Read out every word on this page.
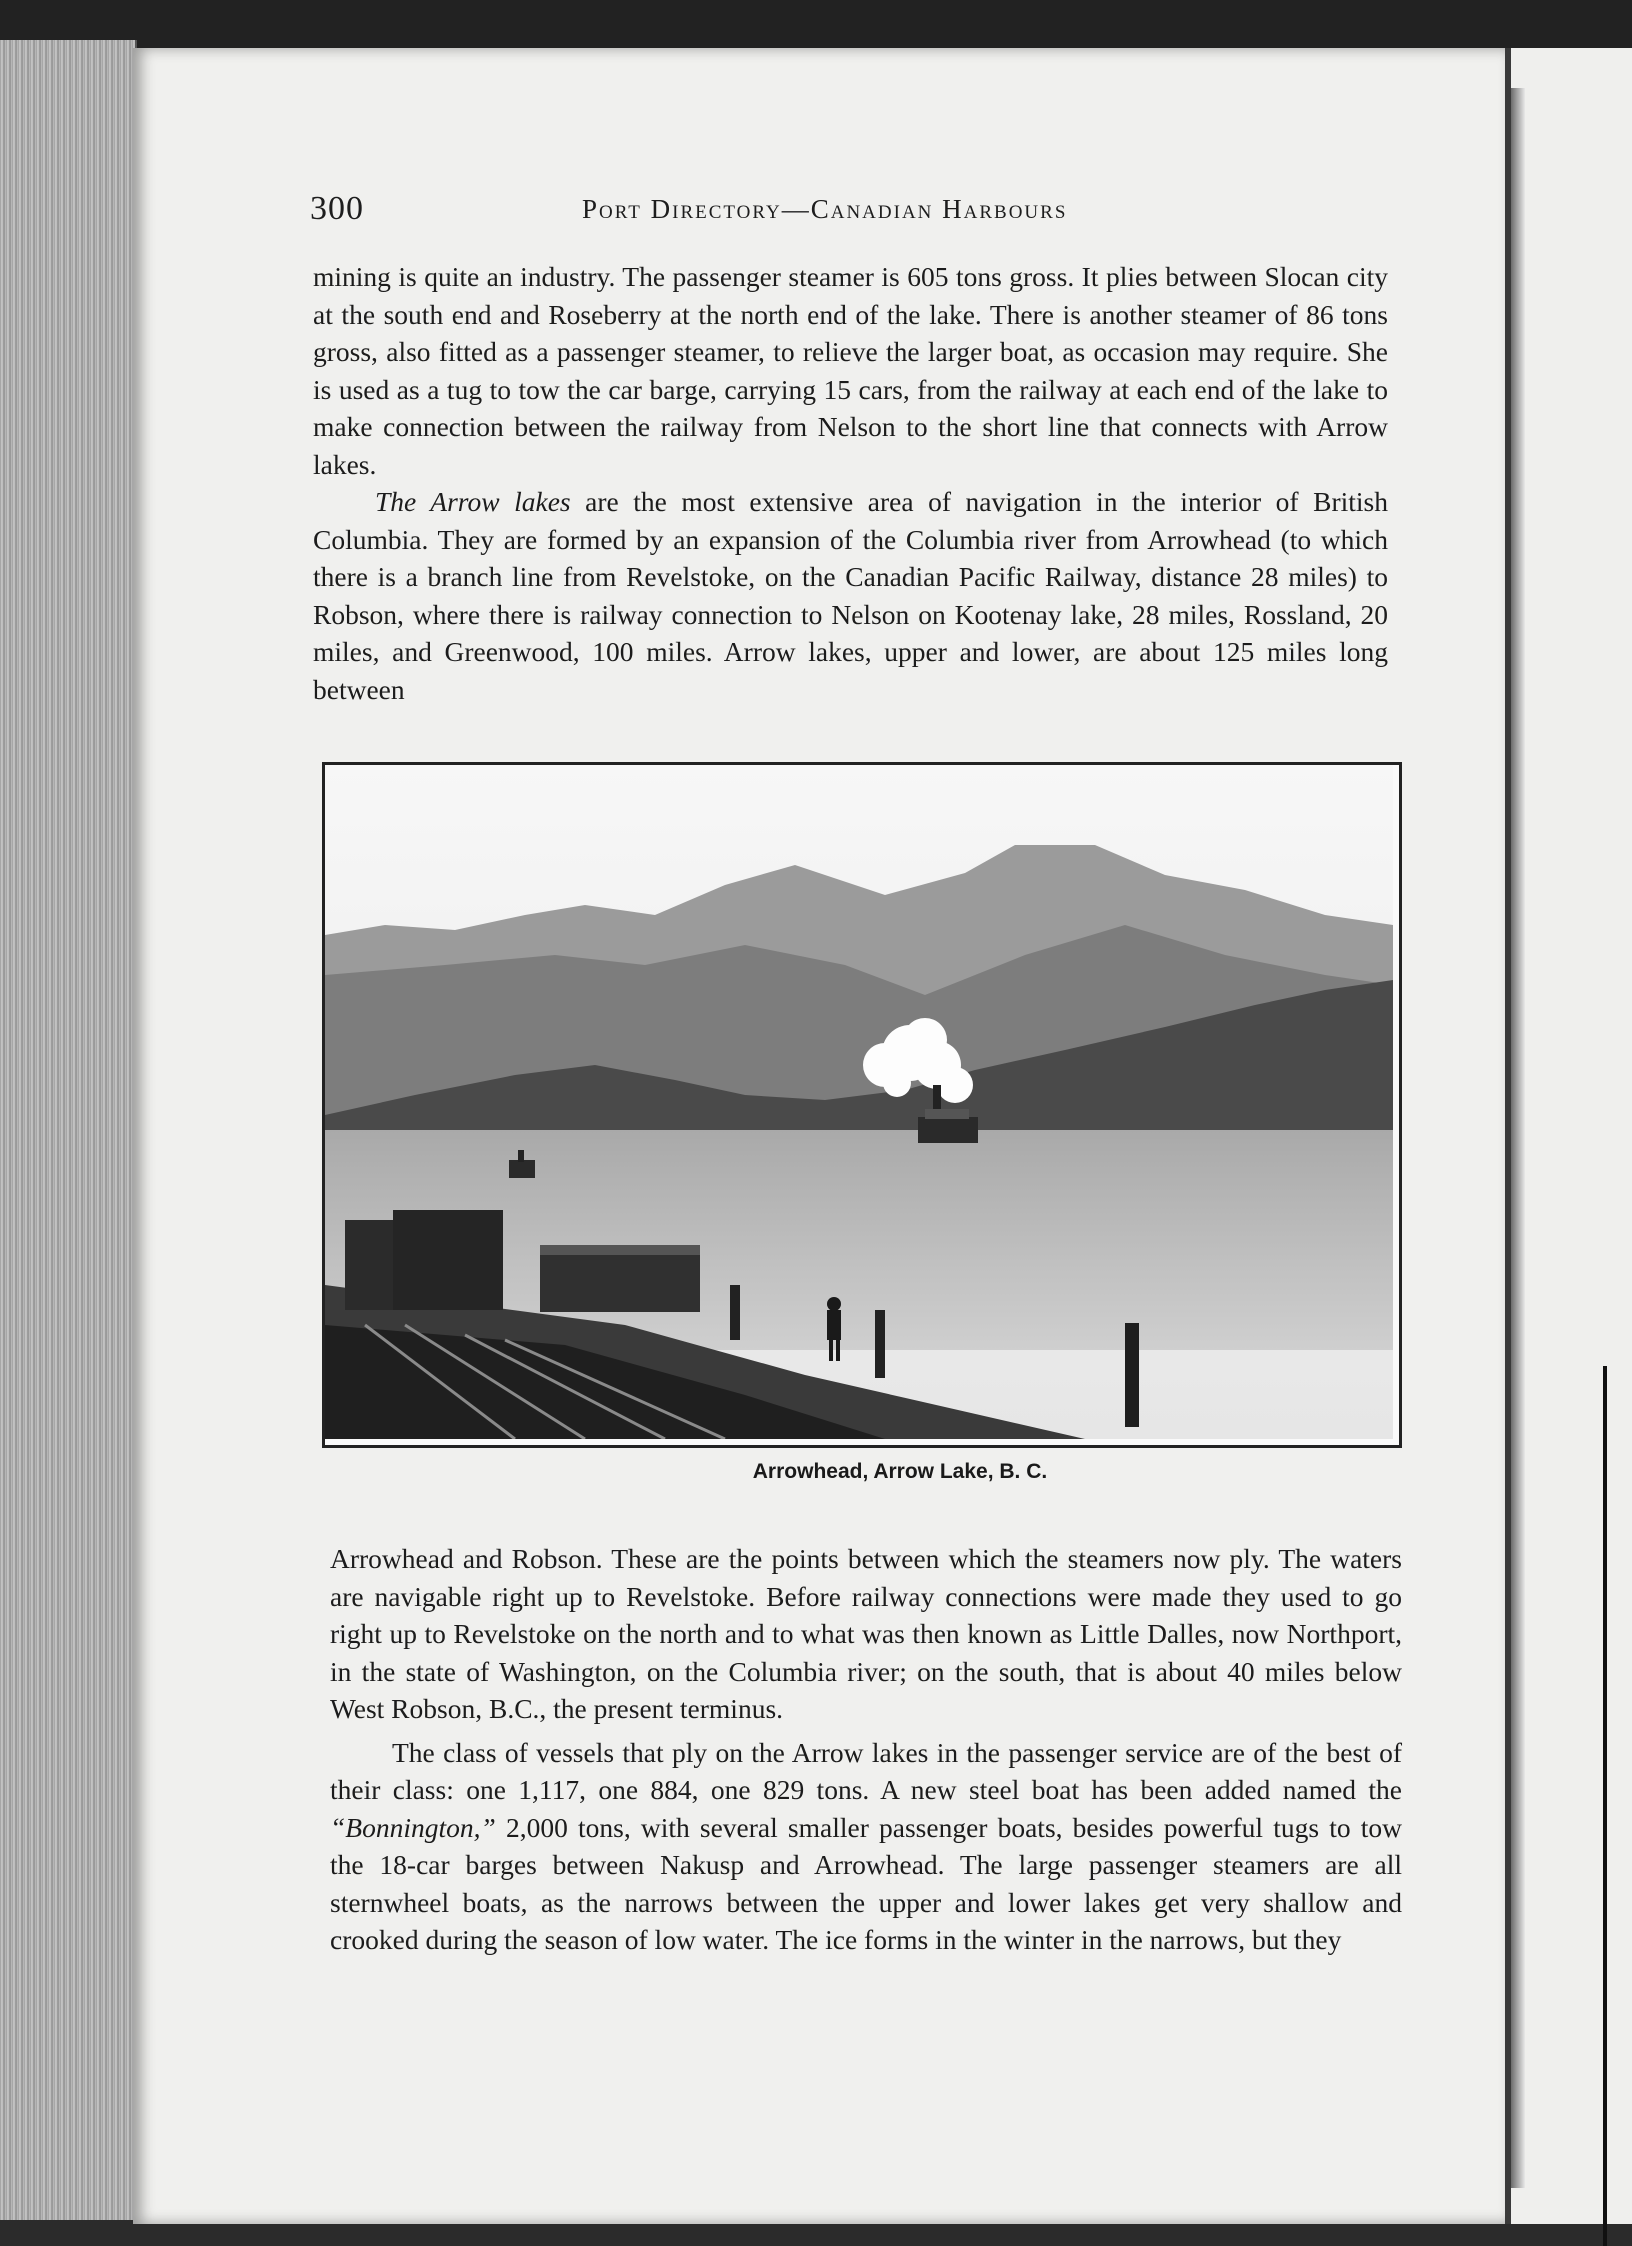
300	Port Directory—Canadian Harbours

mining is quite an industry. The passenger steamer is 605 tons gross. It plies between Slocan city at the south end and Roseberry at the north end of the lake. There is another steamer of 86 tons gross, also fitted as a passenger steamer, to relieve the larger boat, as occasion may require. She is used as a tug to tow the car barge, carrying 15 cars, from the railway at each end of the lake to make connection between the railway from Nelson to the short line that connects with Arrow lakes.

The Arrow lakes are the most extensive area of navigation in the interior of British Columbia. They are formed by an expansion of the Columbia river from Arrowhead (to which there is a branch line from Revelstoke, on the Canadian Pacific Railway, distance 28 miles) to Robson, where there is railway connection to Nelson on Kootenay lake, 28 miles, Rossland, 20 miles, and Greenwood, 100 miles. Arrow lakes, upper and lower, are about 125 miles long between

Arrowhead, Arrow Lake, B. C.

Arrowhead and Robson. These are the points between which the steamers now ply. The waters are navigable right up to Revelstoke. Before railway connections were made they used to go right up to Revelstoke on the north and to what was then known as Little Dalles, now Northport, in the state of Washington, on the Columbia river; on the south, that is about 40 miles below West Robson, B.C., the present terminus.

The class of vessels that ply on the Arrow lakes in the passenger service are of the best of their class: one 1,117, one 884, one 829 tons. A new steel boat has been added named the “Bonnington,” 2,000 tons, with several smaller passenger boats, besides powerful tugs to tow the 18-car barges between Nakusp and Arrowhead. The large passenger steamers are all sternwheel boats, as the narrows between the upper and lower lakes get very shallow and crooked during the season of low water. The ice forms in the winter in the narrows, but they
